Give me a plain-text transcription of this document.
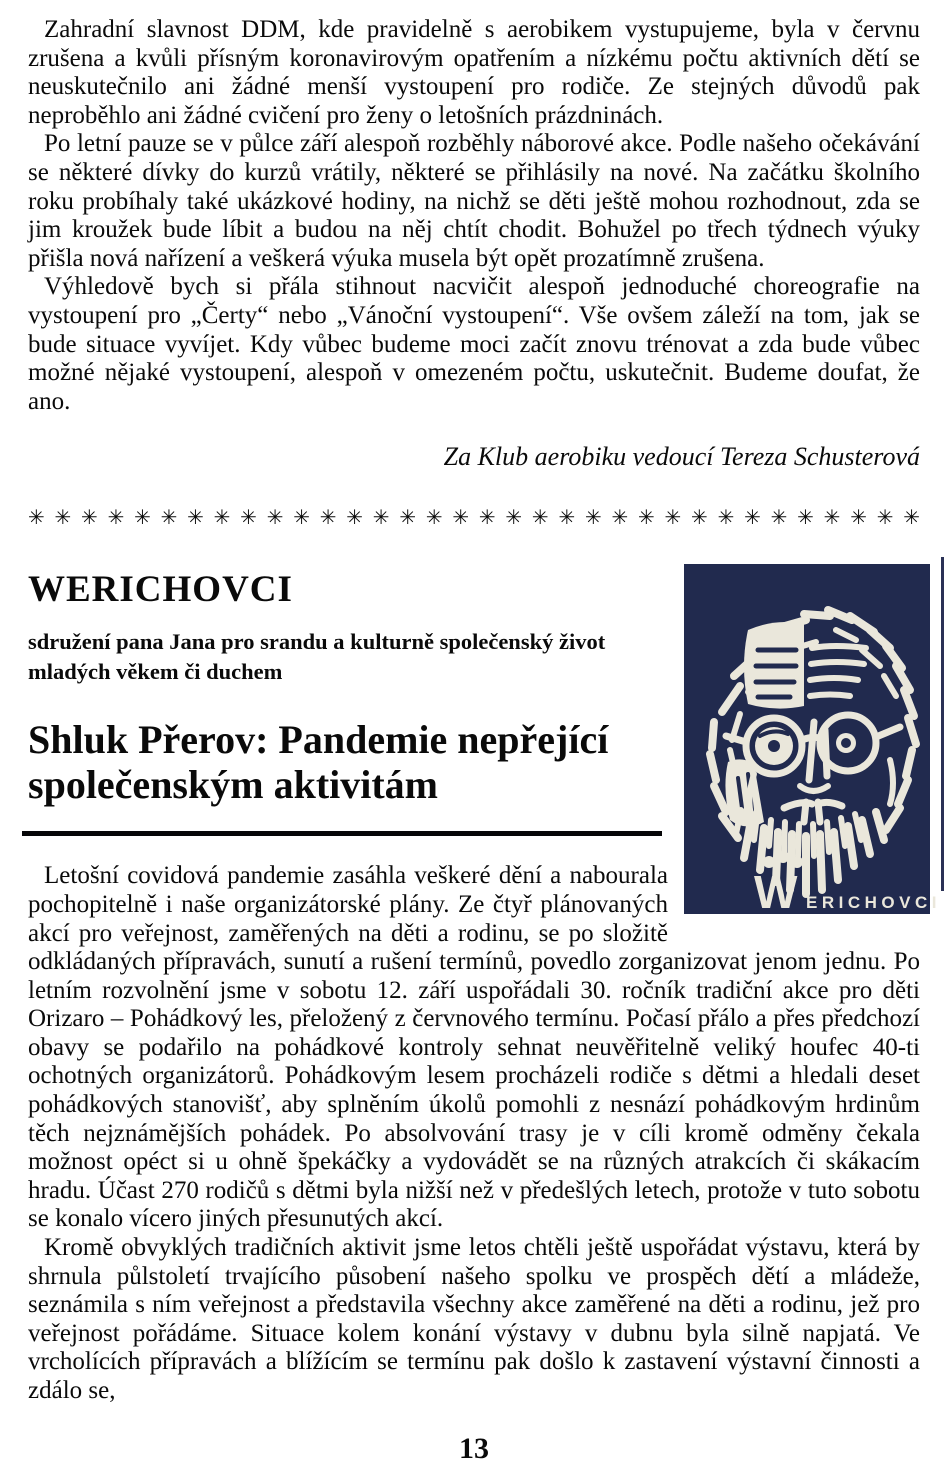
Zahradní slavnost DDM, kde pravidelně s aerobikem vystupujeme, byla v červnu zrušena a kvůli přísným koronavirovým opatřením a nízkému počtu aktivních dětí se neuskutečnilo ani žádné menší vystoupení pro rodiče. Ze stejných důvodů pak neproběhlo ani žádné cvičení pro ženy o letošních prázdninách.

Po letní pauze se v půlce září alespoň rozběhly náborové akce. Podle našeho očekávání se některé dívky do kurzů vrátily, některé se přihlásily na nové. Na začátku školního roku probíhaly také ukázkové hodiny, na nichž se děti ještě mohou rozhodnout, zda se jim kroužek bude líbit a budou na něj chtít chodit. Bohužel po třech týdnech výuky přišla nová nařízení a veškerá výuka musela být opět prozatímně zrušena.

Výhledově bych si přála stihnout nacvičit alespoň jednoduché choreografie na vystoupení pro „Čerty“ nebo „Vánoční vystoupení“. Vše ovšem záleží na tom, jak se bude situace vyvíjet. Kdy vůbec budeme moci začít znovu trénovat a zda bude vůbec možné nějaké vystoupení, alespoň v omezeném počtu, uskutečnit. Budeme doufat, že ano.

Za Klub aerobiku vedoucí Tereza Schusterová

✳ ✳ ✳ ✳ ✳ ✳ ✳ ✳ ✳ ✳ ✳ ✳ ✳ ✳ ✳ ✳ ✳ ✳ ✳ ✳ ✳ ✳ ✳ ✳ ✳ ✳ ✳ ✳ ✳ ✳ ✳ ✳ ✳ ✳
W ERICHOVCI
WERICHOVCI

sdružení pana Jana pro srandu a kulturně společenský život mladých věkem či duchem

Shluk Přerov: Pandemie nepřející společenským aktivitám

Letošní covidová pandemie zasáhla veškeré dění a nabourala pochopitelně i naše organizátorské plány. Ze čtyř plánovaných akcí pro veřejnost, zaměřených na děti a rodinu, se po složitě odkládaných přípravách, sunutí a rušení termínů, povedlo zorganizovat jenom jednu. Po letním rozvolnění jsme v sobotu 12. září uspořádali 30. ročník tradiční akce pro děti Orizaro – Pohádkový les, přeložený z červnového termínu. Počasí přálo a přes předchozí obavy se podařilo na pohádkové kontroly sehnat neuvěřitelně veliký houfec 40-ti ochotných organizátorů. Pohádkovým lesem procházeli rodiče s dětmi a hledali deset pohádkových stanovišť, aby splněním úkolů pomohli z nesnází pohádkovým hrdinům těch nejznámějších pohádek. Po absolvování trasy je v cíli kromě odměny čekala možnost opéct si u ohně špekáčky a vydovádět se na různých atrakcích či skákacím hradu. Účast 270 rodičů s dětmi byla nižší než v předešlých letech, protože v tuto sobotu se konalo vícero jiných přesunutých akcí.

Kromě obvyklých tradičních aktivit jsme letos chtěli ještě uspořádat výstavu, která by shrnula půlstoletí trvajícího působení našeho spolku ve prospěch dětí a mládeže, seznámila s ním veřejnost a představila všechny akce zaměřené na děti a rodinu, jež pro veřejnost pořádáme. Situace kolem konání výstavy v dubnu byla silně napjatá. Ve vrcholících přípravách a blížícím se termínu pak došlo k zastavení výstavní činnosti a zdálo se,

13
